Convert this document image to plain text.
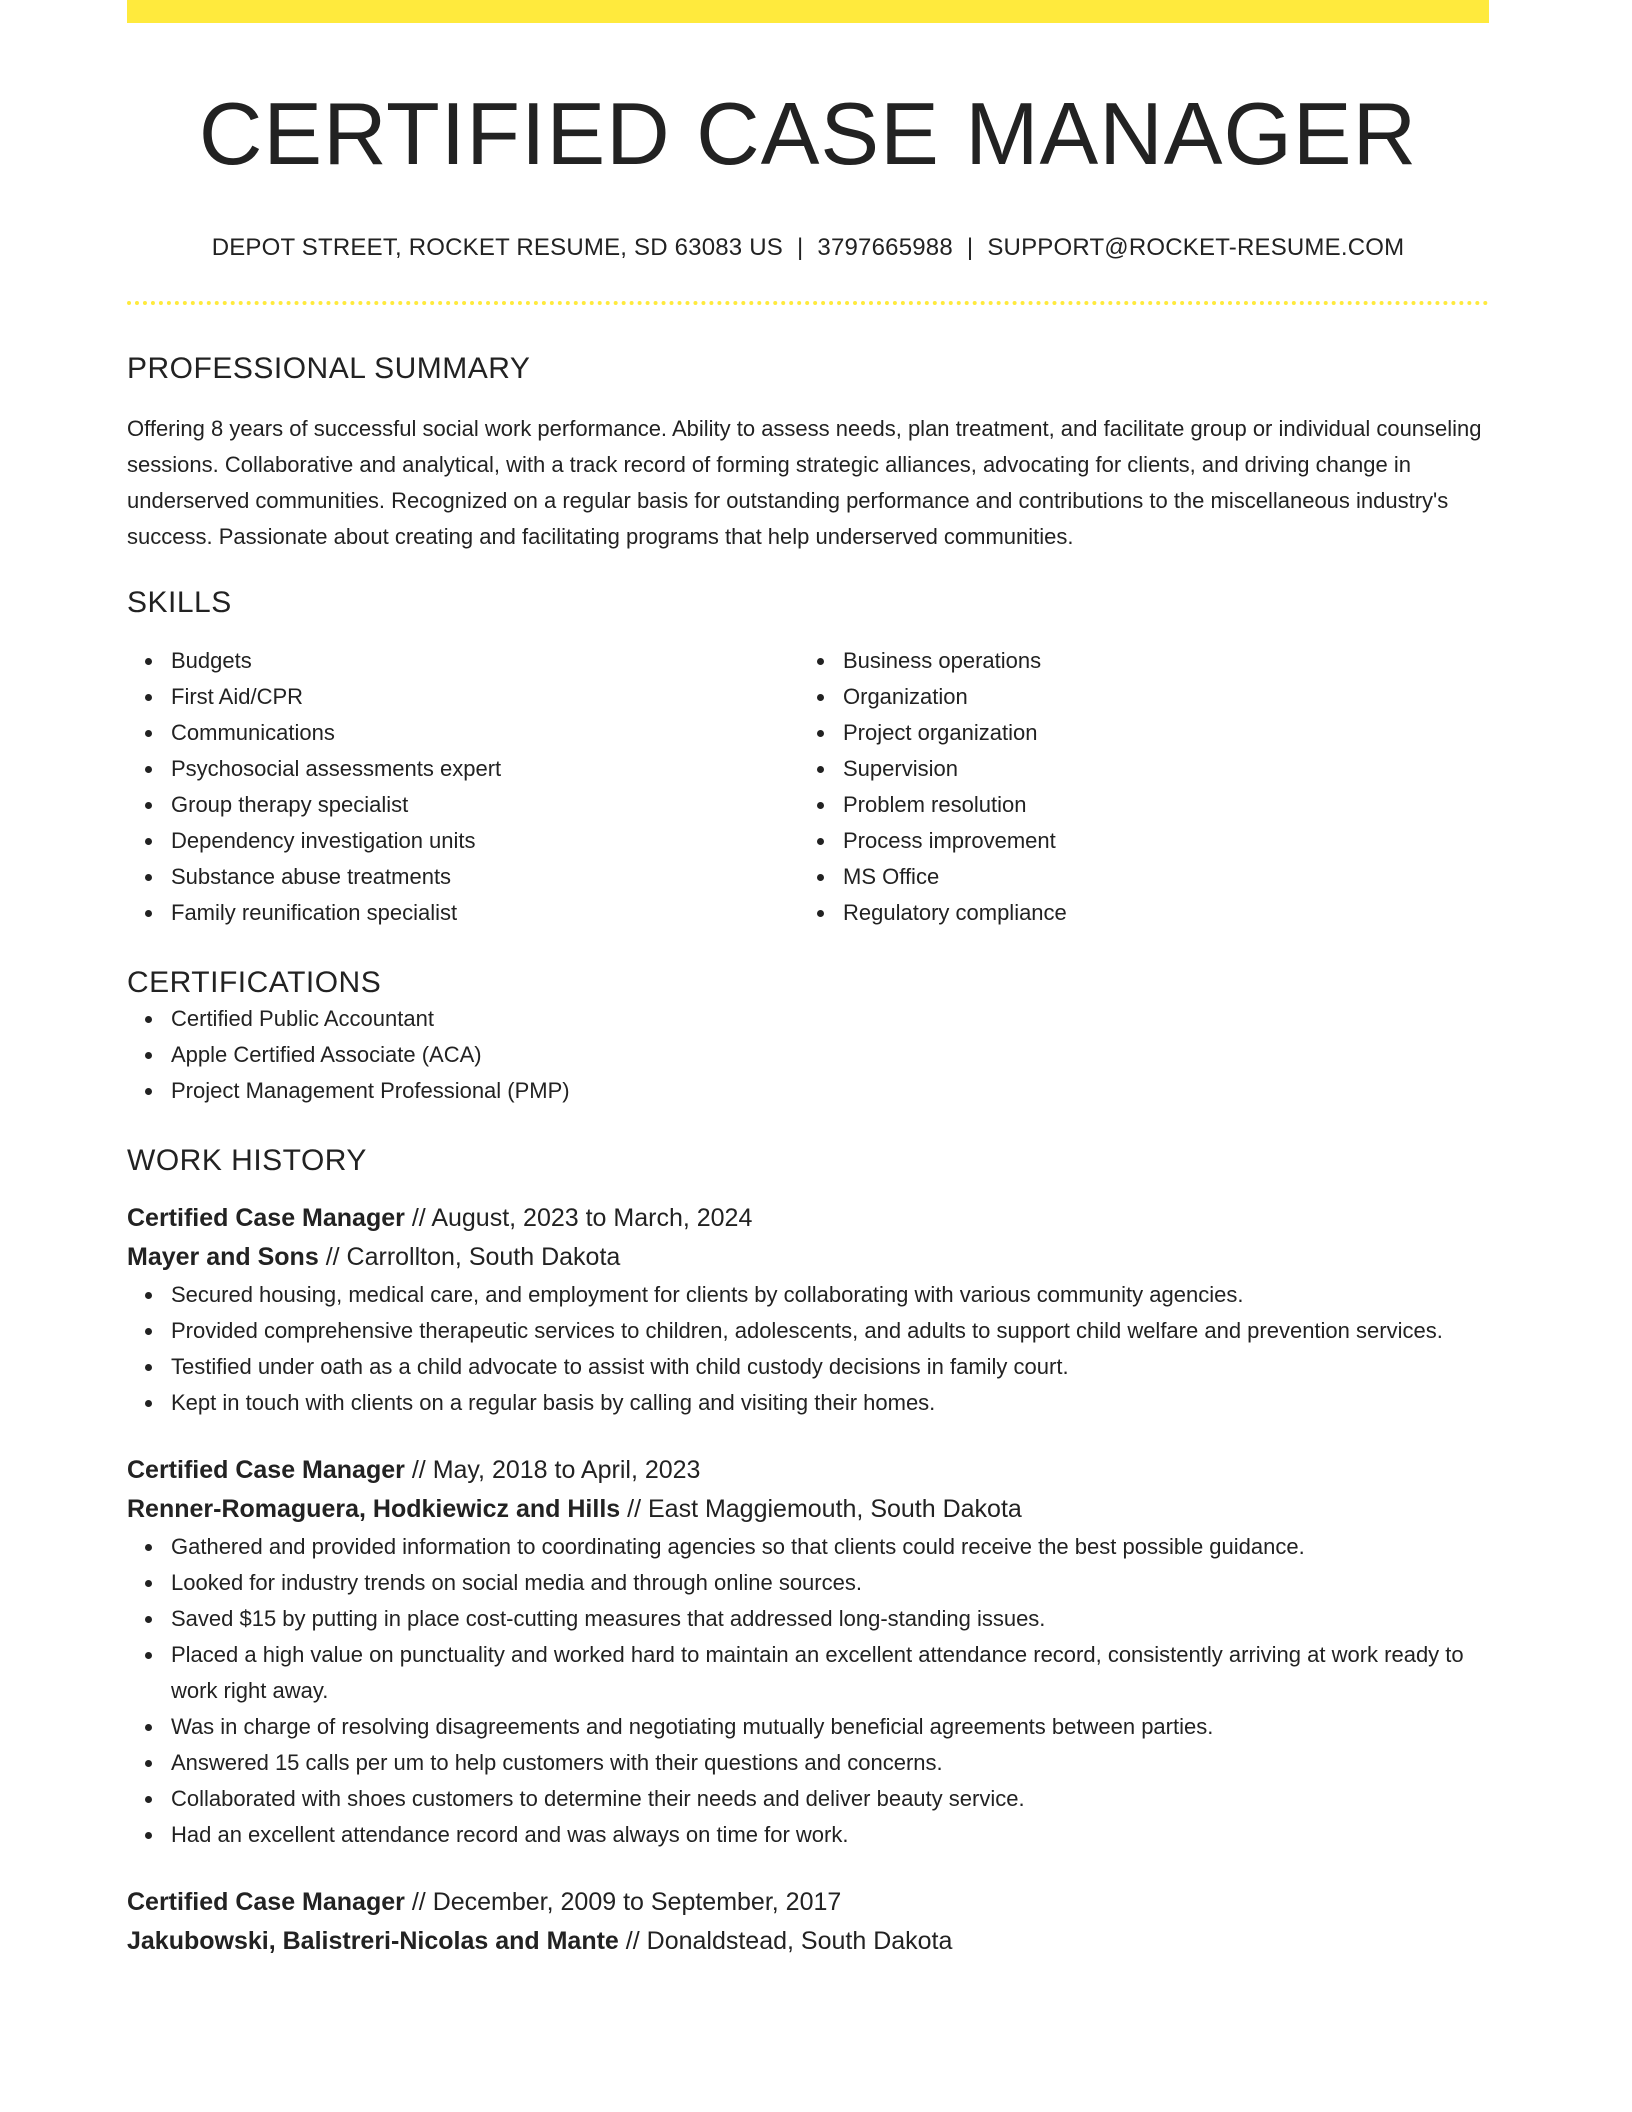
CERTIFIED CASE MANAGER
DEPOT STREET, ROCKET RESUME, SD 63083 US | 3797665988 | SUPPORT@ROCKET-RESUME.COM
PROFESSIONAL SUMMARY

Offering 8 years of successful social work performance. Ability to assess needs, plan treatment, and facilitate group or individual counseling sessions. Collaborative and analytical, with a track record of forming strategic alliances, advocating for clients, and driving change in underserved communities. Recognized on a regular basis for outstanding performance and contributions to the miscellaneous industry's success. Passionate about creating and facilitating programs that help underserved communities.

SKILLS
Budgets
First Aid/CPR
Communications
Psychosocial assessments expert
Group therapy specialist
Dependency investigation units
Substance abuse treatments
Family reunification specialist
Business operations
Organization
Project organization
Supervision
Problem resolution
Process improvement
MS Office
Regulatory compliance
CERTIFICATIONS
Certified Public Accountant
Apple Certified Associate (ACA)
Project Management Professional (PMP)
WORK HISTORY
Certified Case Manager // August, 2023 to March, 2024
Mayer and Sons // Carrollton, South Dakota
Secured housing, medical care, and employment for clients by collaborating with various community agencies.
Provided comprehensive therapeutic services to children, adolescents, and adults to support child welfare and prevention services.
Testified under oath as a child advocate to assist with child custody decisions in family court.
Kept in touch with clients on a regular basis by calling and visiting their homes.
Certified Case Manager // May, 2018 to April, 2023
Renner-Romaguera, Hodkiewicz and Hills // East Maggiemouth, South Dakota
Gathered and provided information to coordinating agencies so that clients could receive the best possible guidance.
Looked for industry trends on social media and through online sources.
Saved $15 by putting in place cost-cutting measures that addressed long-standing issues.
Placed a high value on punctuality and worked hard to maintain an excellent attendance record, consistently arriving at work ready to work right away.
Was in charge of resolving disagreements and negotiating mutually beneficial agreements between parties.
Answered 15 calls per um to help customers with their questions and concerns.
Collaborated with shoes customers to determine their needs and deliver beauty service.
Had an excellent attendance record and was always on time for work.
Certified Case Manager // December, 2009 to September, 2017
Jakubowski, Balistreri-Nicolas and Mante // Donaldstead, South Dakota
